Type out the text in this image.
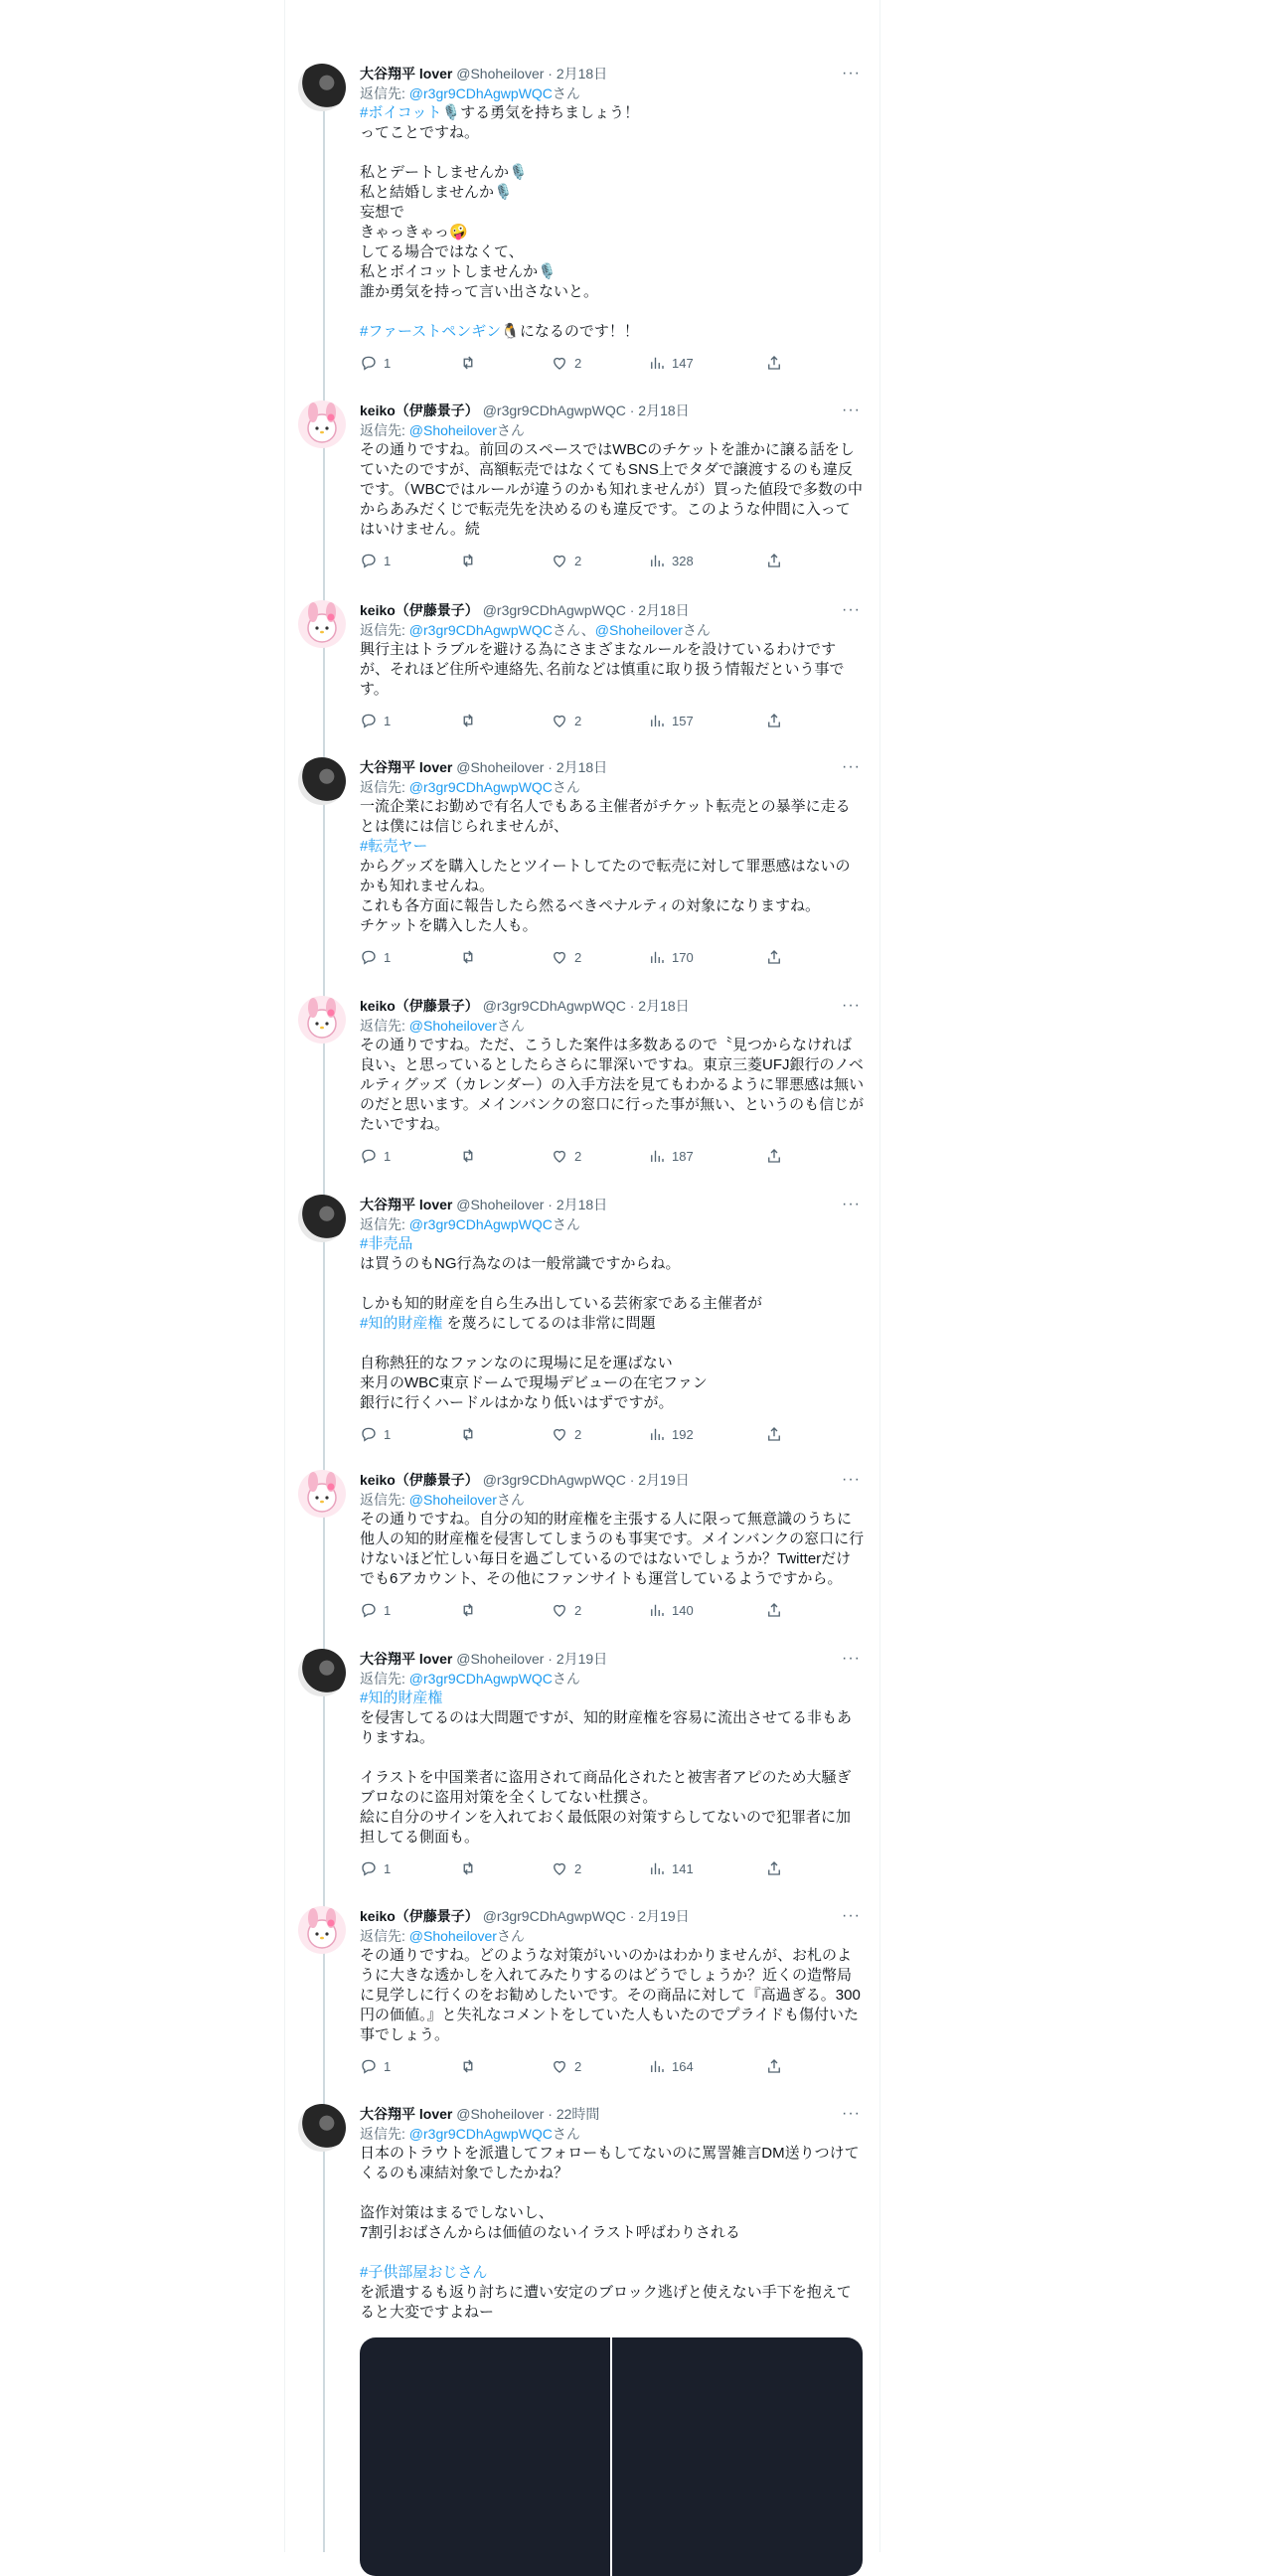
大谷翔平 lover @Shoheilover · 2月18日	···
返信先: @r3gr9CDhAgwpWQCさん
#ボイコット🎙️する勇気を持ちましょう！
ってことですね。

私とデートしませんか🎙️
私と結婚しませんか🎙️
妄想で
きゃっきゃっ🤪
してる場合ではなくて、
私とボイコットしませんか🎙️
誰か勇気を持って言い出さないと。

#ファーストペンギン🐧になるのです！！
1	2	147
keiko（伊藤景子） @r3gr9CDhAgwpWQC · 2月18日	···
返信先: @Shoheiloverさん
その通りですね。前回のスペースではWBCのチケットを誰かに譲る話をしていたのですが、高額転売ではなくてもSNS上でタダで譲渡するのも違反です。（WBCではルールが違うのかも知れませんが）買った値段で多数の中からあみだくじで転売先を決めるのも違反です。このような仲間に入ってはいけません。続
1	2	328
keiko（伊藤景子） @r3gr9CDhAgwpWQC · 2月18日	···
返信先: @r3gr9CDhAgwpWQCさん、@Shoheiloverさん
興行主はトラブルを避ける為にさまざまなルールを設けているわけですが、それほど住所や連絡先､名前などは慎重に取り扱う情報だという事です。
1	2	157
大谷翔平 lover @Shoheilover · 2月18日	···
返信先: @r3gr9CDhAgwpWQCさん
一流企業にお勤めで有名人でもある主催者がチケット転売との暴挙に走るとは僕には信じられませんが、
#転売ヤー
からグッズを購入したとツイートしてたので転売に対して罪悪感はないのかも知れませんね。
これも各方面に報告したら然るべきペナルティの対象になりますね。
チケットを購入した人も。
1	2	170
keiko（伊藤景子） @r3gr9CDhAgwpWQC · 2月18日	···
返信先: @Shoheiloverさん
その通りですね。ただ、こうした案件は多数あるので〝見つからなければ良い〟と思っているとしたらさらに罪深いですね。東京三菱UFJ銀行のノベルティグッズ（カレンダー）の入手方法を見てもわかるように罪悪感は無いのだと思います。メインバンクの窓口に行った事が無い、というのも信じがたいですね。
1	2	187
大谷翔平 lover @Shoheilover · 2月18日	···
返信先: @r3gr9CDhAgwpWQCさん
#非売品
は買うのもNG行為なのは一般常識ですからね。

しかも知的財産を自ら生み出している芸術家である主催者が
#知的財産権 を蔑ろにしてるのは非常に問題

自称熱狂的なファンなのに現場に足を運ばない
来月のWBC東京ドームで現場デビューの在宅ファン
銀行に行くハードルはかなり低いはずですが。
1	2	192
keiko（伊藤景子） @r3gr9CDhAgwpWQC · 2月19日	···
返信先: @Shoheiloverさん
その通りですね。自分の知的財産権を主張する人に限って無意識のうちに他人の知的財産権を侵害してしまうのも事実です。メインバンクの窓口に行けないほど忙しい毎日を過ごしているのではないでしょうか？Twitterだけでも6アカウント、その他にファンサイトも運営しているようですから。
1	2	140
大谷翔平 lover @Shoheilover · 2月19日	···
返信先: @r3gr9CDhAgwpWQCさん
#知的財産権
を侵害してるのは大問題ですが、知的財産権を容易に流出させてる非もありますね。

イラストを中国業者に盗用されて商品化されたと被害者アピのため大騒ぎブロなのに盗用対策を全くしてない杜撰さ。
絵に自分のサインを入れておく最低限の対策すらしてないので犯罪者に加担してる側面も。
1	2	141
keiko（伊藤景子） @r3gr9CDhAgwpWQC · 2月19日	···
返信先: @Shoheiloverさん
その通りですね。どのような対策がいいのかはわかりませんが、お札のように大きな透かしを入れてみたりするのはどうでしょうか？近くの造幣局に見学しに行くのをお勧めしたいです。その商品に対して『高過ぎる。300円の価値。』と失礼なコメントをしていた人もいたのでプライドも傷付いた事でしょう。
1	2	164
大谷翔平 lover @Shoheilover · 22時間	···
返信先: @r3gr9CDhAgwpWQCさん
日本のトラウトを派遣してフォローもしてないのに罵詈雑言DM送りつけてくるのも凍結対象でしたかね？

盗作対策はまるでしないし、
7割引おばさんからは価値のないイラスト呼ばわりされる

#子供部屋おじさん
を派遣するも返り討ちに遭い安定のブロック逃げと使えない手下を抱えてると大変ですよねー
